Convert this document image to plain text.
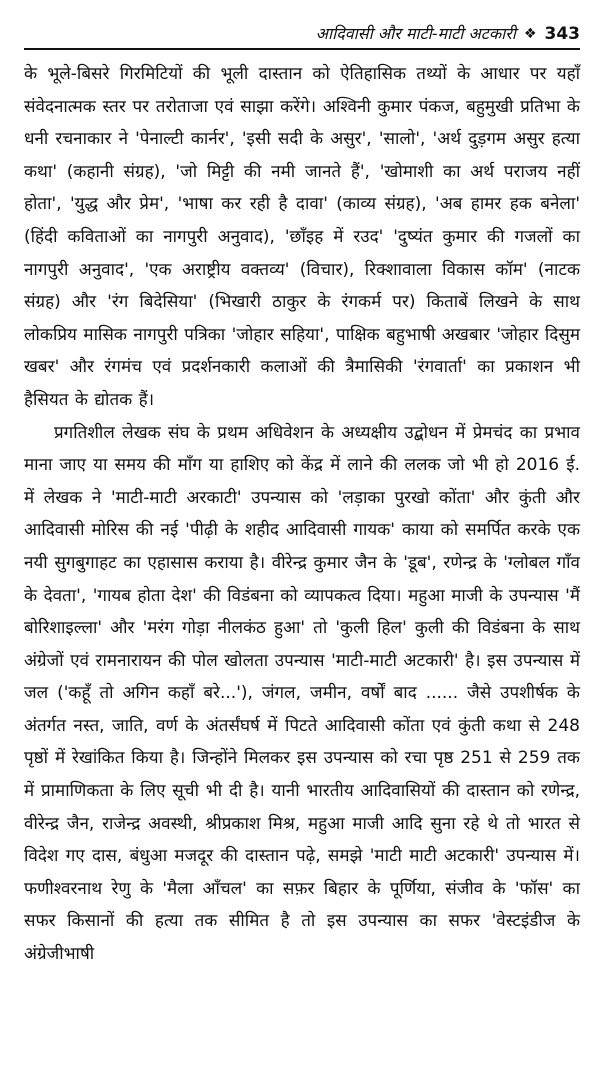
आदिवासी और माटी-माटी अटकारी ❖ 343

के भूले-बिसरे गिरमिटियों की भूली दास्तान को ऐतिहासिक तथ्यों के आधार पर यहाँ संवेदनात्मक स्तर पर तरोताजा एवं साझा करेंगे। अश्विनी कुमार पंकज, बहुमुखी प्रतिभा के धनी रचनाकार ने 'पेनाल्टी कार्नर', 'इसी सदी के असुर', 'सालो', 'अर्थ दुड़गम असुर हत्या कथा' (कहानी संग्रह), 'जो मिट्टी की नमी जानते हैं', 'खोमाशी का अर्थ पराजय नहीं होता', 'युद्ध और प्रेम', 'भाषा कर रही है दावा' (काव्य संग्रह), 'अब हामर हक बनेला' (हिंदी कविताओं का नागपुरी अनुवाद), 'छाँइह में रउद' 'दुष्यंत कुमार की गजलों का नागपुरी अनुवाद', 'एक अराष्ट्रीय वक्तव्य' (विचार), रिक्शावाला विकास कॉम' (नाटक संग्रह) और 'रंग बिदेसिया' (भिखारी ठाकुर के रंगकर्म पर) किताबें लिखने के साथ लोकप्रिय मासिक नागपुरी पत्रिका 'जोहार सहिया', पाक्षिक बहुभाषी अखबार 'जोहार दिसुम खबर' और रंगमंच एवं प्रदर्शनकारी कलाओं की त्रैमासिकी 'रंगवार्ता' का प्रकाशन भी हैसियत के द्योतक हैं।

प्रगतिशील लेखक संघ के प्रथम अधिवेशन के अध्यक्षीय उद्बोधन में प्रेमचंद का प्रभाव माना जाए या समय की माँग या हाशिए को केंद्र में लाने की ललक जो भी हो 2016 ई. में लेखक ने 'माटी-माटी अरकाटी' उपन्यास को 'लड़ाका पुरखो कोंता' और कुंती और आदिवासी मोरिस की नई 'पीढ़ी के शहीद आदिवासी गायक' काया को समर्पित करके एक नयी सुगबुगाहट का एहासास कराया है। वीरेन्द्र कुमार जैन के 'डूब', रणेन्द्र के 'ग्लोबल गाँव के देवता', 'गायब होता देश' की विडंबना को व्यापकत्व दिया। महुआ माजी के उपन्यास 'मैं बोरिशाइल्ला' और 'मरंग गोड़ा नीलकंठ हुआ' तो 'कुली हिल' कुली की विडंबना के साथ अंग्रेजों एवं रामनारायन की पोल खोलता उपन्यास 'माटी-माटी अटकारी' है। इस उपन्यास में जल ('कहूँ तो अगिन कहाँ बरे...'), जंगल, जमीन, वर्षों बाद ...... जैसे उपशीर्षक के अंतर्गत नस्त, जाति, वर्ण के अंतर्संघर्ष में पिटते आदिवासी कोंता एवं कुंती कथा से 248 पृष्ठों में रेखांकित किया है। जिन्होंने मिलकर इस उपन्यास को रचा पृष्ठ 251 से 259 तक में प्रामाणिकता के लिए सूची भी दी है। यानी भारतीय आदिवासियों की दास्तान को रणेन्द्र, वीरेन्द्र जैन, राजेन्द्र अवस्थी, श्रीप्रकाश मिश्र, महुआ माजी आदि सुना रहे थे तो भारत से विदेश गए दास, बंधुआ मजदूर की दास्तान पढ़े, समझे 'माटी माटी अटकारी' उपन्यास में। फणीश्वरनाथ रेणु के 'मैला आँचल' का सफ़र बिहार के पूर्णिया, संजीव के 'फॉस' का सफर किसानों की हत्या तक सीमित है तो इस उपन्यास का सफर 'वेस्टइंडीज के अंग्रेजीभाषी
